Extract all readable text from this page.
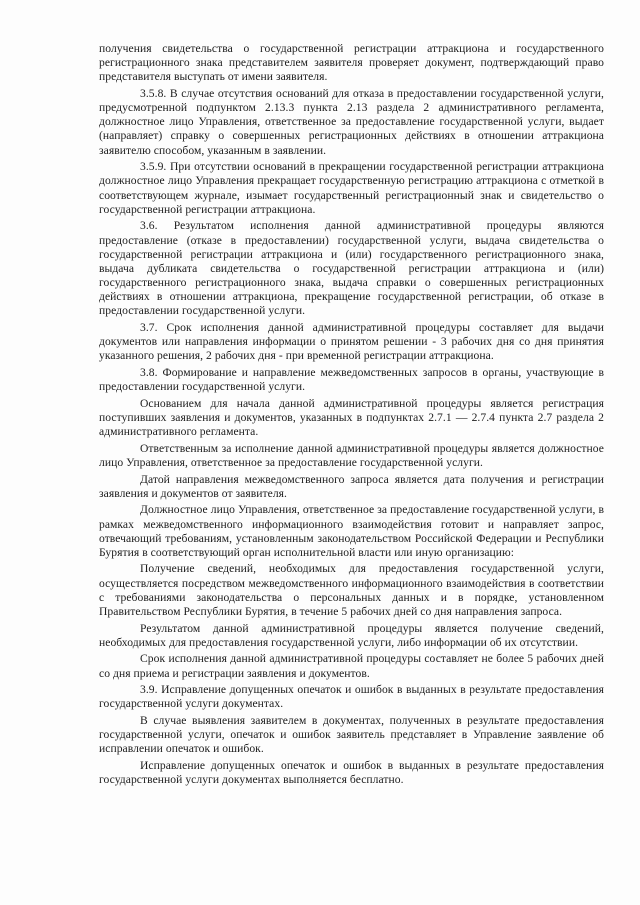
получения свидетельства о государственной регистрации аттракциона и государственного регистрационного знака представителем заявителя проверяет документ, подтверждающий право представителя выступать от имени заявителя.

3.5.8. В случае отсутствия оснований для отказа в предоставлении государственной услуги, предусмотренной подпунктом 2.13.3 пункта 2.13 раздела 2 административного регламента, должностное лицо Управления, ответственное за предоставление государственной услуги, выдает (направляет) справку о совершенных регистрационных действиях в отношении аттракциона заявителю способом, указанным в заявлении.

3.5.9. При отсутствии оснований в прекращении государственной регистрации аттракциона должностное лицо Управления прекращает государственную регистрацию аттракциона с отметкой в соответствующем журнале, изымает государственный регистрационный знак и свидетельство о государственной регистрации аттракциона.

3.6. Результатом исполнения данной административной процедуры являются предоставление (отказе в предоставлении) государственной услуги, выдача свидетельства о государственной регистрации аттракциона и (или) государственного регистрационного знака, выдача дубликата свидетельства о государственной регистрации аттракциона и (или) государственного регистрационного знака, выдача справки о совершенных регистрационных действиях в отношении аттракциона, прекращение государственной регистрации, об отказе в предоставлении государственной услуги.

3.7. Срок исполнения данной административной процедуры составляет для выдачи документов или направления информации о принятом решении - 3 рабочих дня со дня принятия указанного решения, 2 рабочих дня - при временной регистрации аттракциона.

3.8. Формирование и направление межведомственных запросов в органы, участвующие в предоставлении государственной услуги.

Основанием для начала данной административной процедуры является регистрация поступивших заявления и документов, указанных в подпунктах 2.7.1 — 2.7.4 пункта 2.7 раздела 2 административного регламента.

Ответственным за исполнение данной административной процедуры является должностное лицо Управления, ответственное за предоставление государственной услуги.

Датой направления межведомственного запроса является дата получения и регистрации заявления и документов от заявителя.

Должностное лицо Управления, ответственное за предоставление государственной услуги, в рамках межведомственного информационного взаимодействия готовит и направляет запрос, отвечающий требованиям, установленным законодательством Российской Федерации и Республики Бурятия в соответствующий орган исполнительной власти или иную организацию:

Получение сведений, необходимых для предоставления государственной услуги, осуществляется посредством межведомственного информационного взаимодействия в соответствии с требованиями законодательства о персональных данных и в порядке, установленном Правительством Республики Бурятия, в течение 5 рабочих дней со дня направления запроса.

Результатом данной административной процедуры является получение сведений, необходимых для предоставления государственной услуги, либо информации об их отсутствии.

Срок исполнения данной административной процедуры составляет не более 5 рабочих дней со дня приема и регистрации заявления и документов.

3.9. Исправление допущенных опечаток и ошибок в выданных в результате предоставления государственной услуги документах.

В случае выявления заявителем в документах, полученных в результате предоставления государственной услуги, опечаток и ошибок заявитель представляет в Управление заявление об исправлении опечаток и ошибок.

Исправление допущенных опечаток и ошибок в выданных в результате предоставления государственной услуги документах выполняется бесплатно.
